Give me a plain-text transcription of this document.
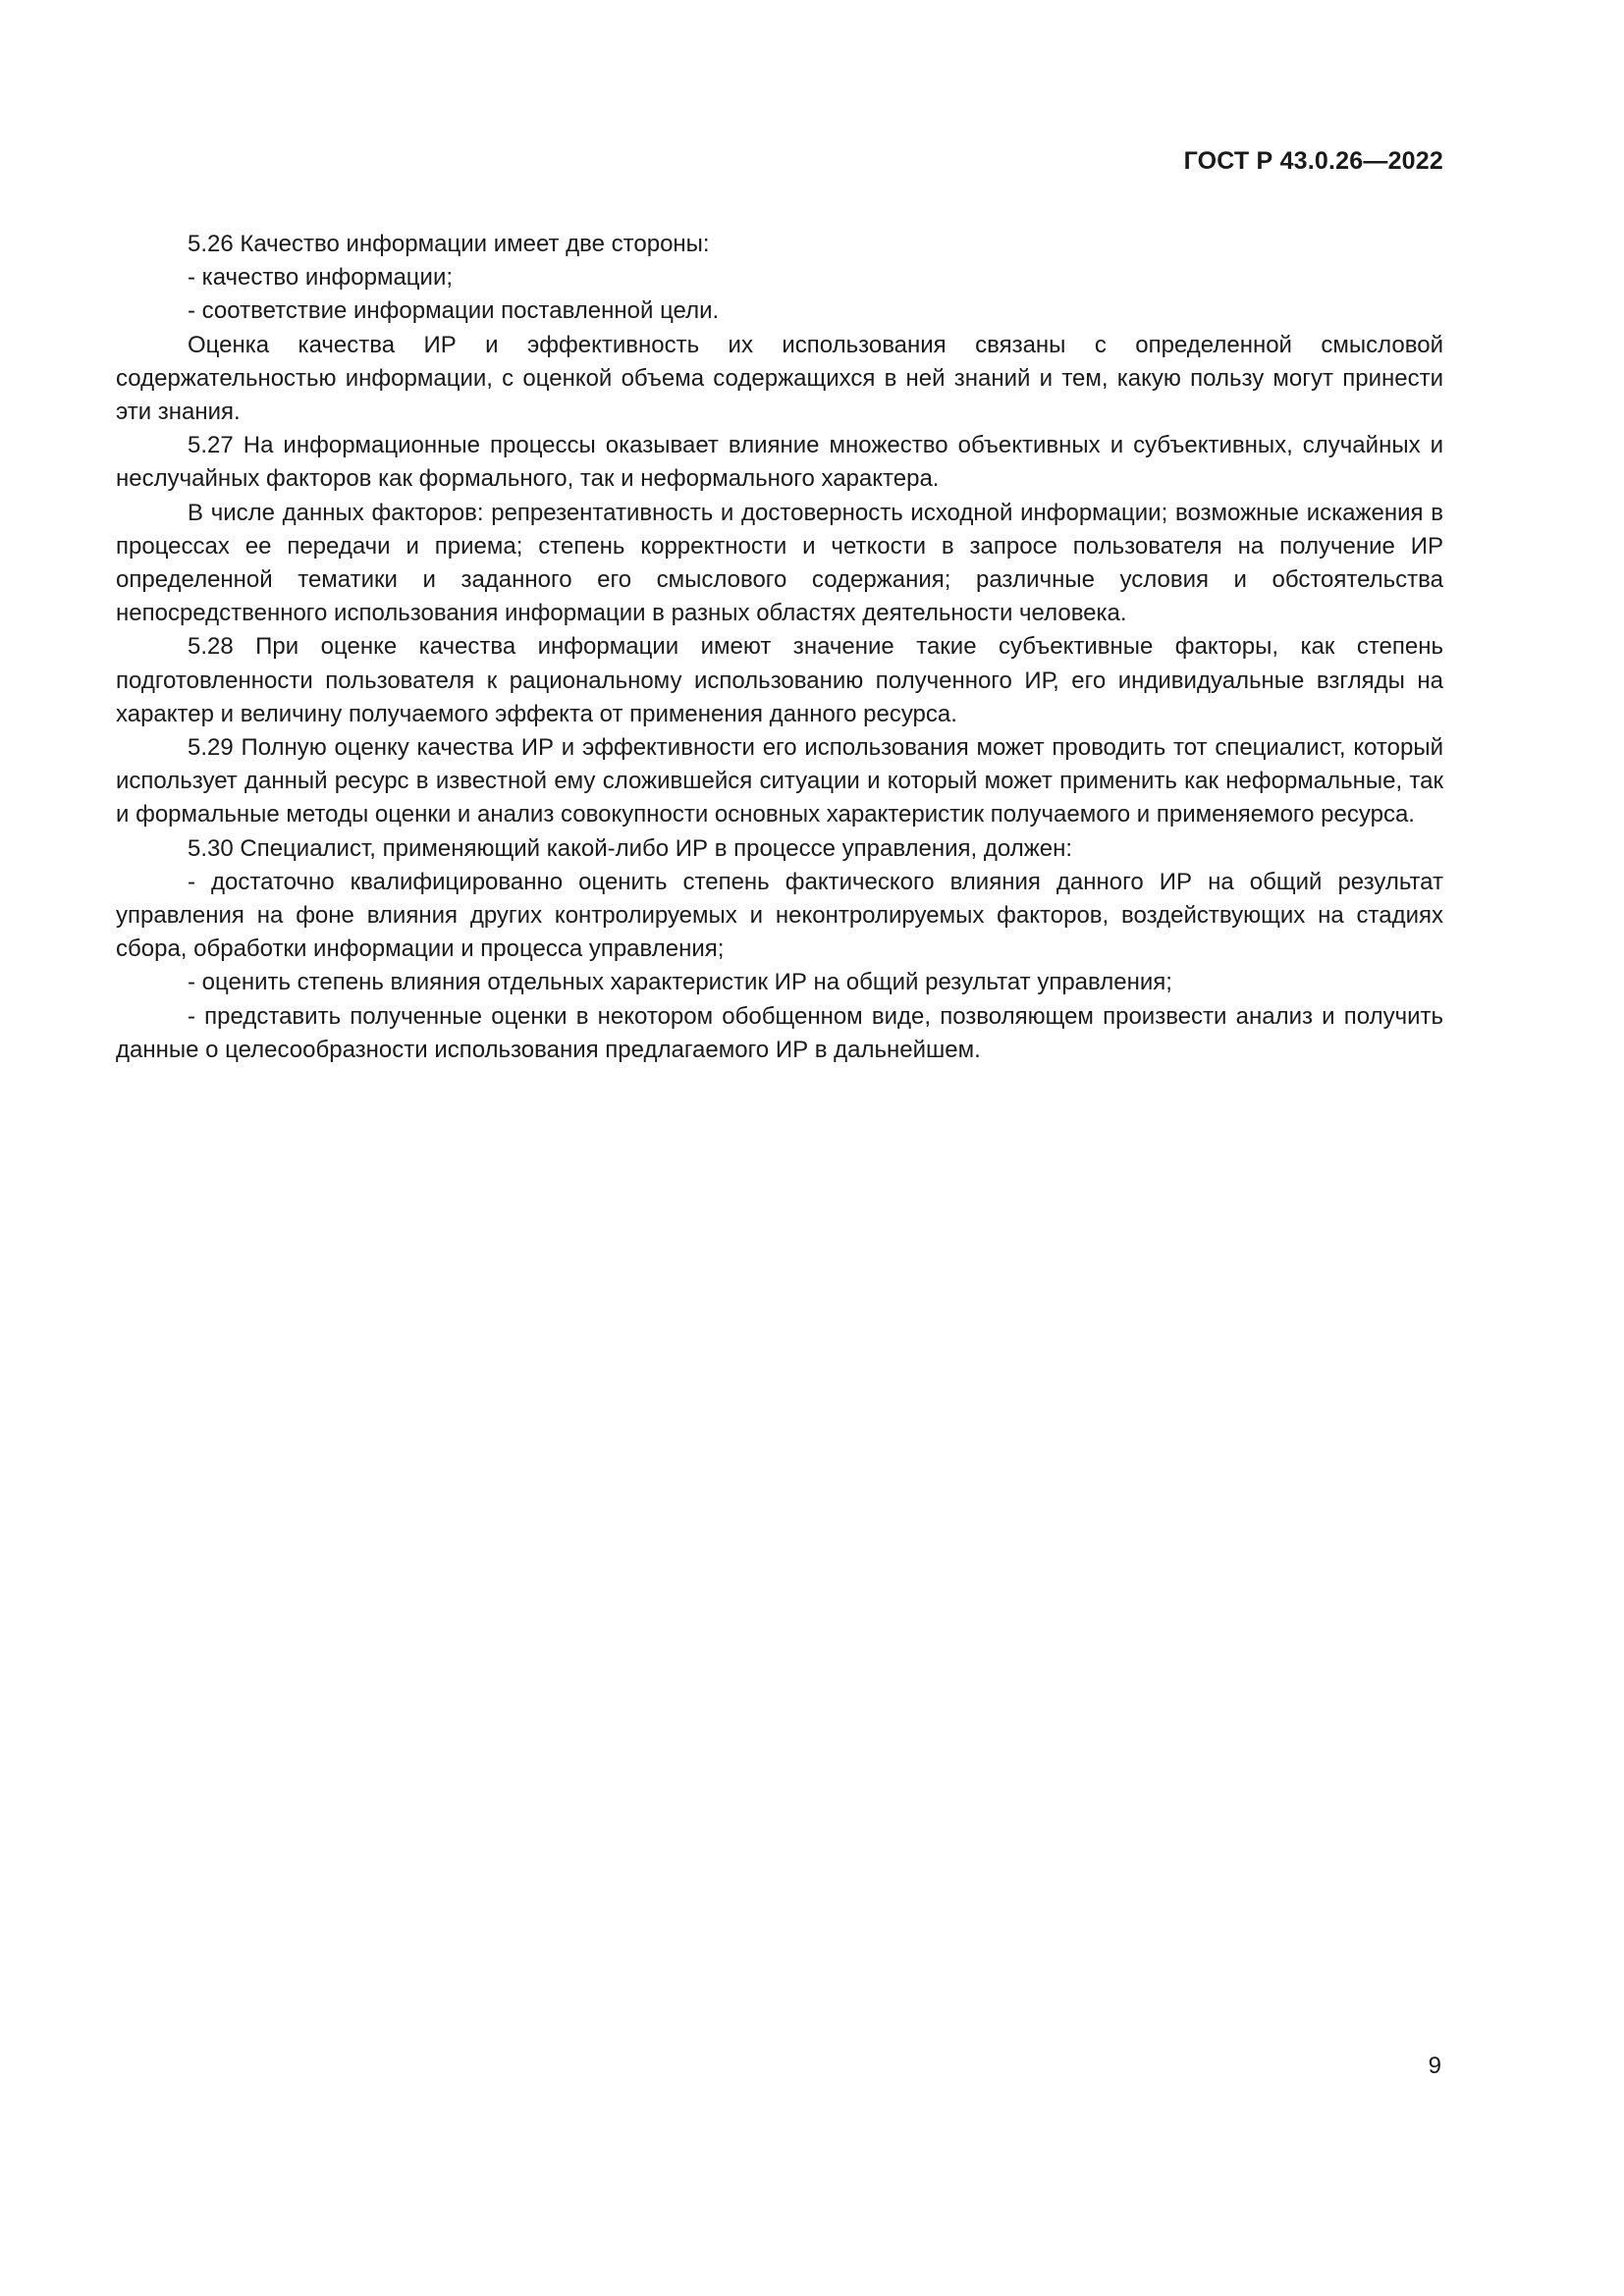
ГОСТ Р 43.0.26—2022

5.26 Качество информации имеет две стороны:

- качество информации;

- соответствие информации поставленной цели.

Оценка качества ИР и эффективность их использования связаны с определенной смысловой содержательностью информации, с оценкой объема содержащихся в ней знаний и тем, какую пользу могут принести эти знания.

5.27 На информационные процессы оказывает влияние множество объективных и субъективных, случайных и неслучайных факторов как формального, так и неформального характера.

В числе данных факторов: репрезентативность и достоверность исходной информации; возможные искажения в процессах ее передачи и приема; степень корректности и четкости в запросе пользователя на получение ИР определенной тематики и заданного его смыслового содержания; различные условия и обстоятельства непосредственного использования информации в разных областях деятельности человека.

5.28 При оценке качества информации имеют значение такие субъективные факторы, как степень подготовленности пользователя к рациональному использованию полученного ИР, его индивидуальные взгляды на характер и величину получаемого эффекта от применения данного ресурса.

5.29 Полную оценку качества ИР и эффективности его использования может проводить тот специалист, который использует данный ресурс в известной ему сложившейся ситуации и который может применить как неформальные, так и формальные методы оценки и анализ совокупности основных характеристик получаемого и применяемого ресурса.

5.30 Специалист, применяющий какой-либо ИР в процессе управления, должен:

- достаточно квалифицированно оценить степень фактического влияния данного ИР на общий результат управления на фоне влияния других контролируемых и неконтролируемых факторов, воздействующих на стадиях сбора, обработки информации и процесса управления;

- оценить степень влияния отдельных характеристик ИР на общий результат управления;

- представить полученные оценки в некотором обобщенном виде, позволяющем произвести анализ и получить данные о целесообразности использования предлагаемого ИР в дальнейшем.

9
